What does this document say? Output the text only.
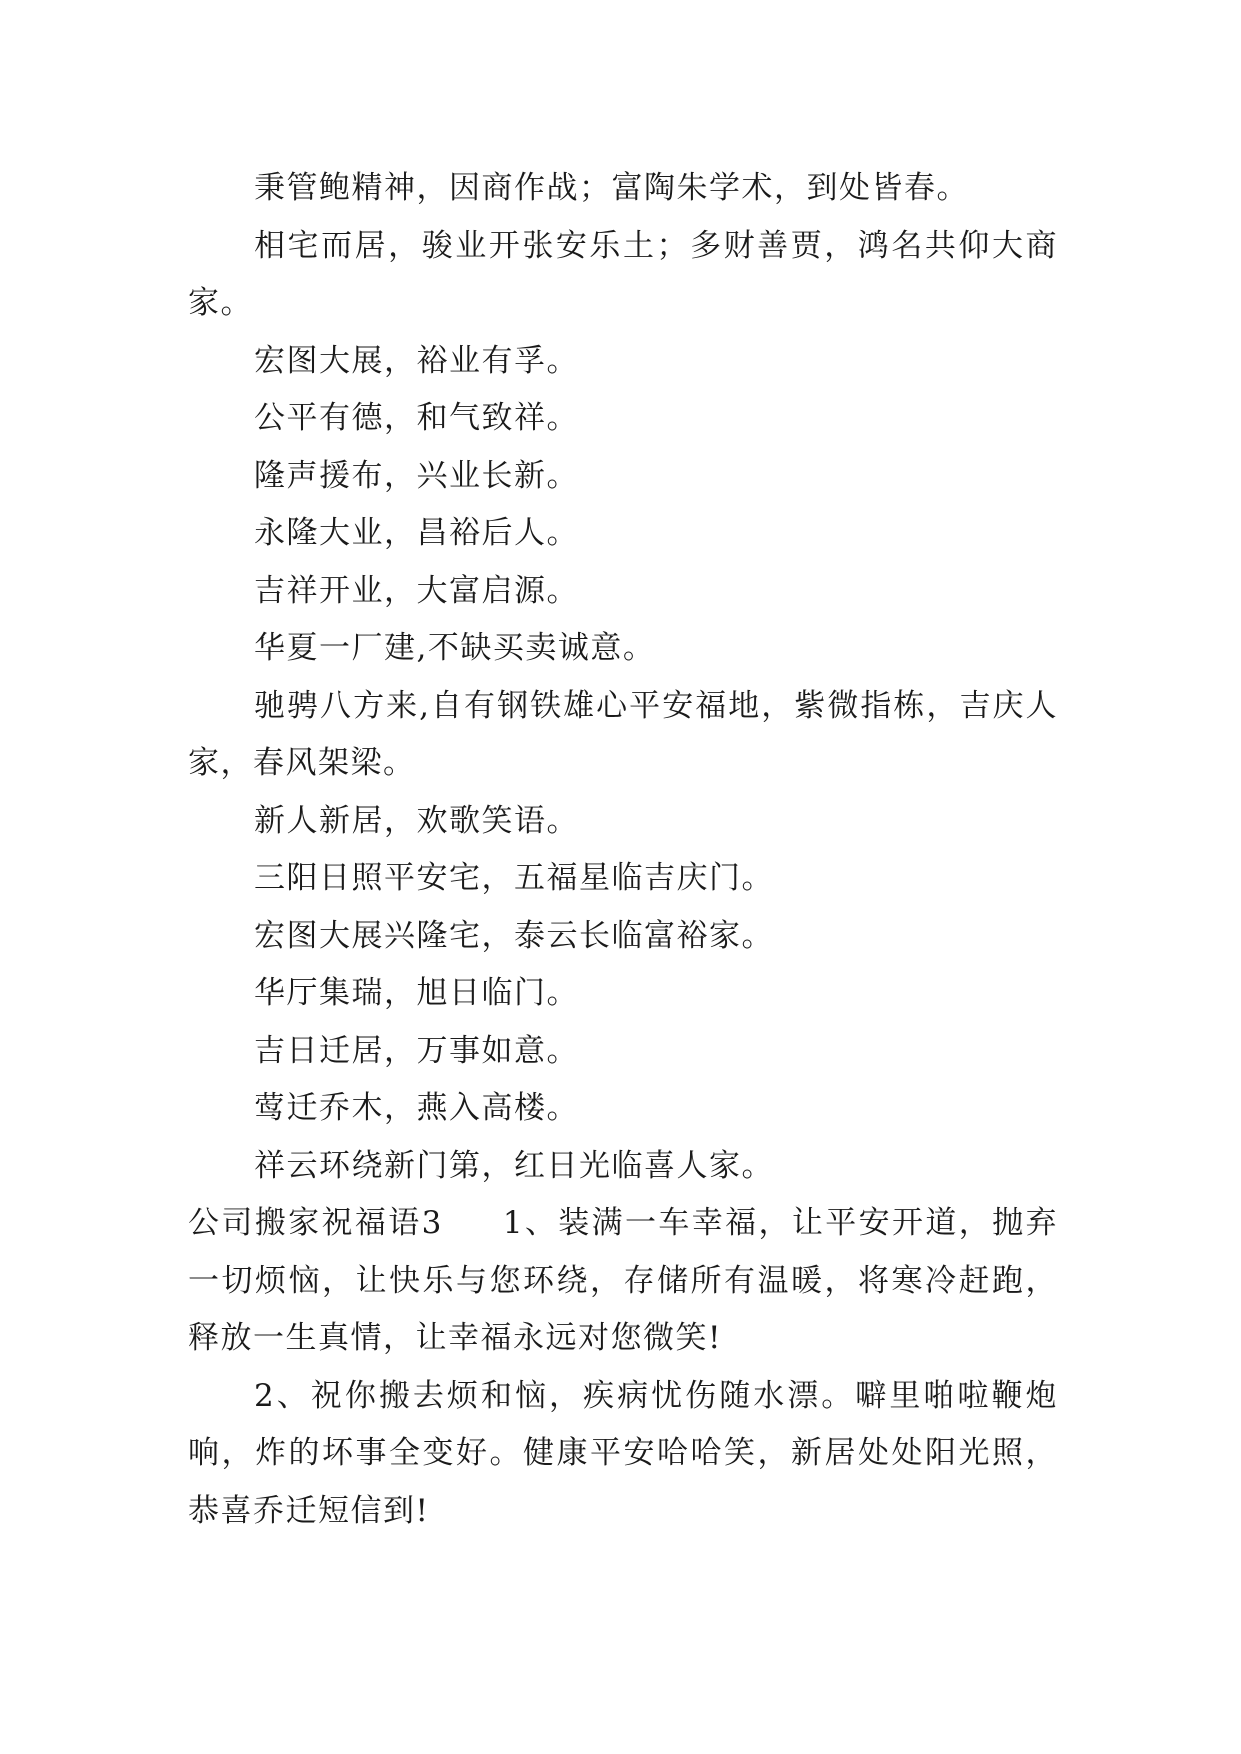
秉管鲍精神，因商作战；富陶朱学术，到处皆春。

相宅而居，骏业开张安乐土；多财善贾，鸿名共仰大商家。

宏图大展，裕业有孚。

公平有德，和气致祥。

隆声援布，兴业长新。

永隆大业，昌裕后人。

吉祥开业，大富启源。

华夏一厂建,不缺买卖诚意。

驰骋八方来,自有钢铁雄心平安福地，紫微指栋，吉庆人家，春风架梁。

新人新居，欢歌笑语。

三阳日照平安宅，五福星临吉庆门。

宏图大展兴隆宅，泰云长临富裕家。

华厅集瑞，旭日临门。

吉日迁居，万事如意。

莺迁乔木，燕入高楼。

祥云环绕新门第，红日光临喜人家。

公司搬家祝福语3 1、装满一车幸福，让平安开道，抛弃一切烦恼，让快乐与您环绕，存储所有温暖，将寒冷赶跑，释放一生真情，让幸福永远对您微笑!

2、祝你搬去烦和恼，疾病忧伤随水漂。噼里啪啦鞭炮响，炸的坏事全变好。健康平安哈哈笑，新居处处阳光照，恭喜乔迁短信到!
